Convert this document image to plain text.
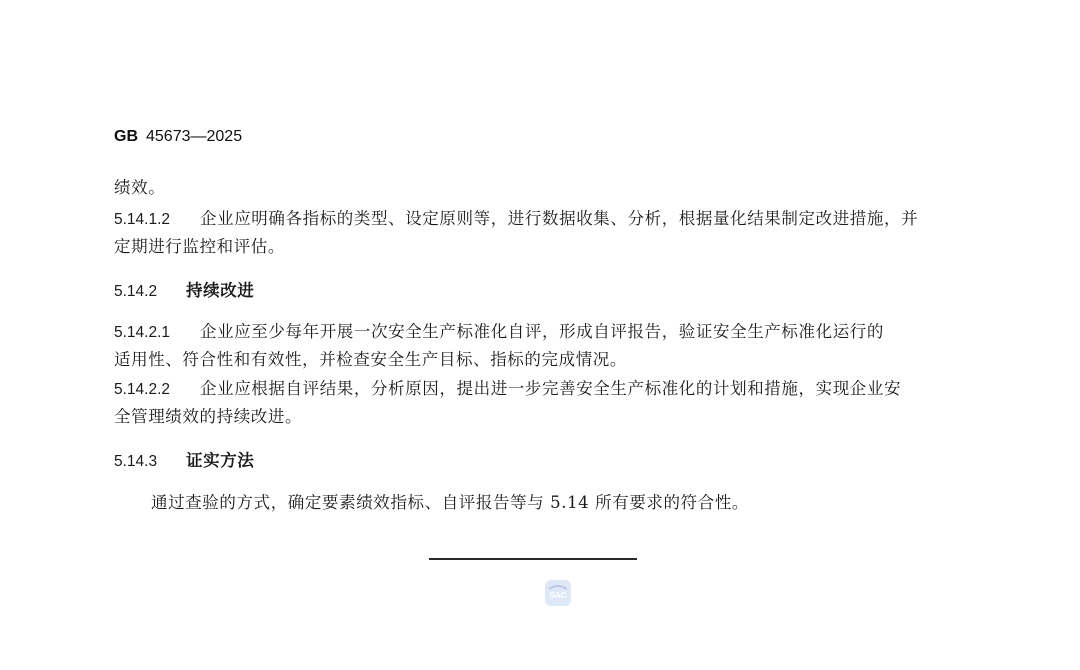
GB 45673—2025
绩效。
5.14.1.2 企业应明确各指标的类型、设定原则等，进行数据收集、分析，根据量化结果制定改进措施，并
定期进行监控和评估。
5.14.2 持续改进
5.14.2.1 企业应至少每年开展一次安全生产标准化自评，形成自评报告，验证安全生产标准化运行的
适用性、符合性和有效性，并检查安全生产目标、指标的完成情况。
5.14.2.2 企业应根据自评结果，分析原因，提出进一步完善安全生产标准化的计划和措施，实现企业安
全管理绩效的持续改进。
5.14.3 证实方法
通过查验的方式，确定要素绩效指标、自评报告等与 5.14 所有要求的符合性。
SAC
